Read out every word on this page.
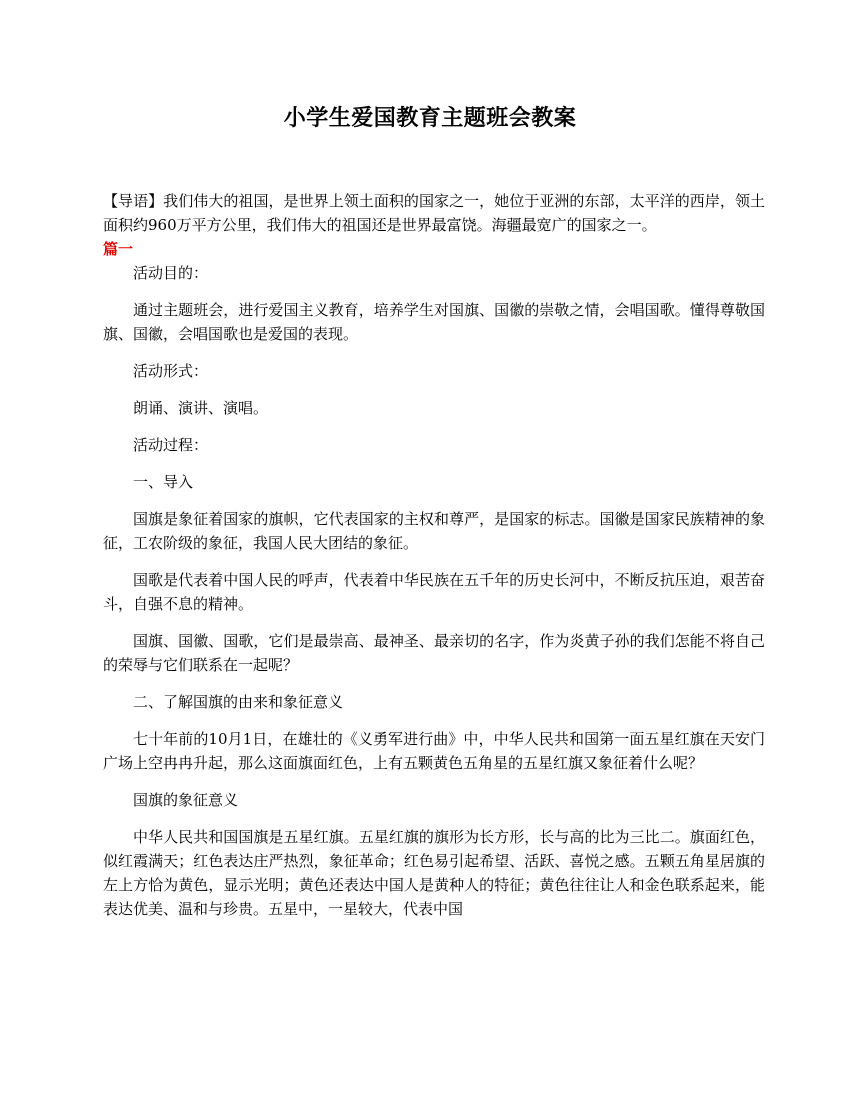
小学生爱国教育主题班会教案

【导语】我们伟大的祖国，是世界上领土面积的国家之一，她位于亚洲的东部，太平洋的西岸，领土面积约960万平方公里，我们伟大的祖国还是世界最富饶。海疆最宽广的国家之一。

篇一

活动目的：

通过主题班会，进行爱国主义教育，培养学生对国旗、国徽的崇敬之情，会唱国歌。懂得尊敬国旗、国徽，会唱国歌也是爱国的表现。

活动形式：

朗诵、演讲、演唱。

活动过程：

一、导入

国旗是象征着国家的旗帜，它代表国家的主权和尊严，是国家的标志。国徽是国家民族精神的象征，工农阶级的象征，我国人民大团结的象征。

国歌是代表着中国人民的呼声，代表着中华民族在五千年的历史长河中，不断反抗压迫，艰苦奋斗，自强不息的精神。

国旗、国徽、国歌，它们是最崇高、最神圣、最亲切的名字，作为炎黄子孙的我们怎能不将自己的荣辱与它们联系在一起呢？

二、了解国旗的由来和象征意义

七十年前的10月1日，在雄壮的《义勇军进行曲》中，中华人民共和国第一面五星红旗在天安门广场上空冉冉升起，那么这面旗面红色，上有五颗黄色五角星的五星红旗又象征着什么呢？

国旗的象征意义

中华人民共和国国旗是五星红旗。五星红旗的旗形为长方形，长与高的比为三比二。旗面红色，似红霞满天；红色表达庄严热烈，象征革命；红色易引起希望、活跃、喜悦之感。五颗五角星居旗的左上方恰为黄色，显示光明；黄色还表达中国人是黄种人的特征；黄色往往让人和金色联系起来，能表达优美、温和与珍贵。五星中，一星较大，代表中国
